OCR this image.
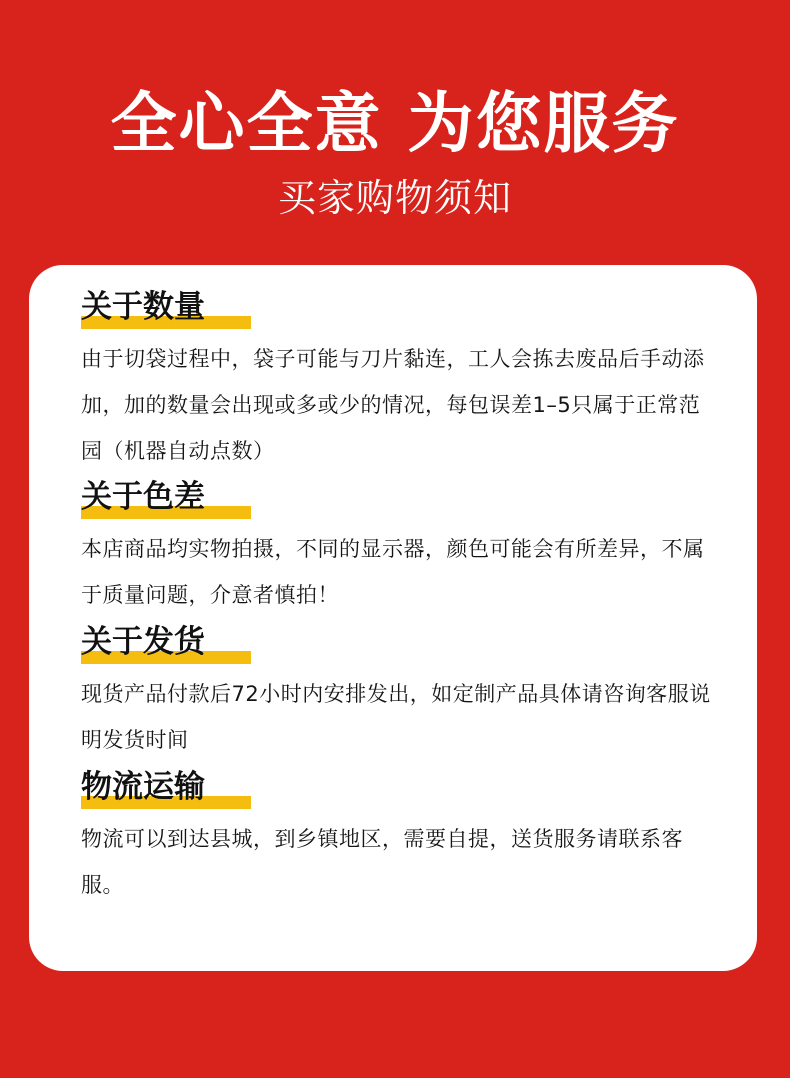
全心全意 为您服务
买家购物须知
关于数量
由于切袋过程中，袋子可能与刀片黏连，工人会拣去废品后手动添加，加的数量会出现或多或少的情况，每包误差1–5只属于正常范园（机器自动点数）
关于色差
本店商品均实物拍摄，不同的显示器，颜色可能会有所差异，不属于质量问题，介意者慎拍！
关于发货
现货产品付款后72小时内安排发出，如定制产品具体请咨询客服说明发货时间
物流运输
物流可以到达县城，到乡镇地区，需要自提，送货服务请联系客服。
